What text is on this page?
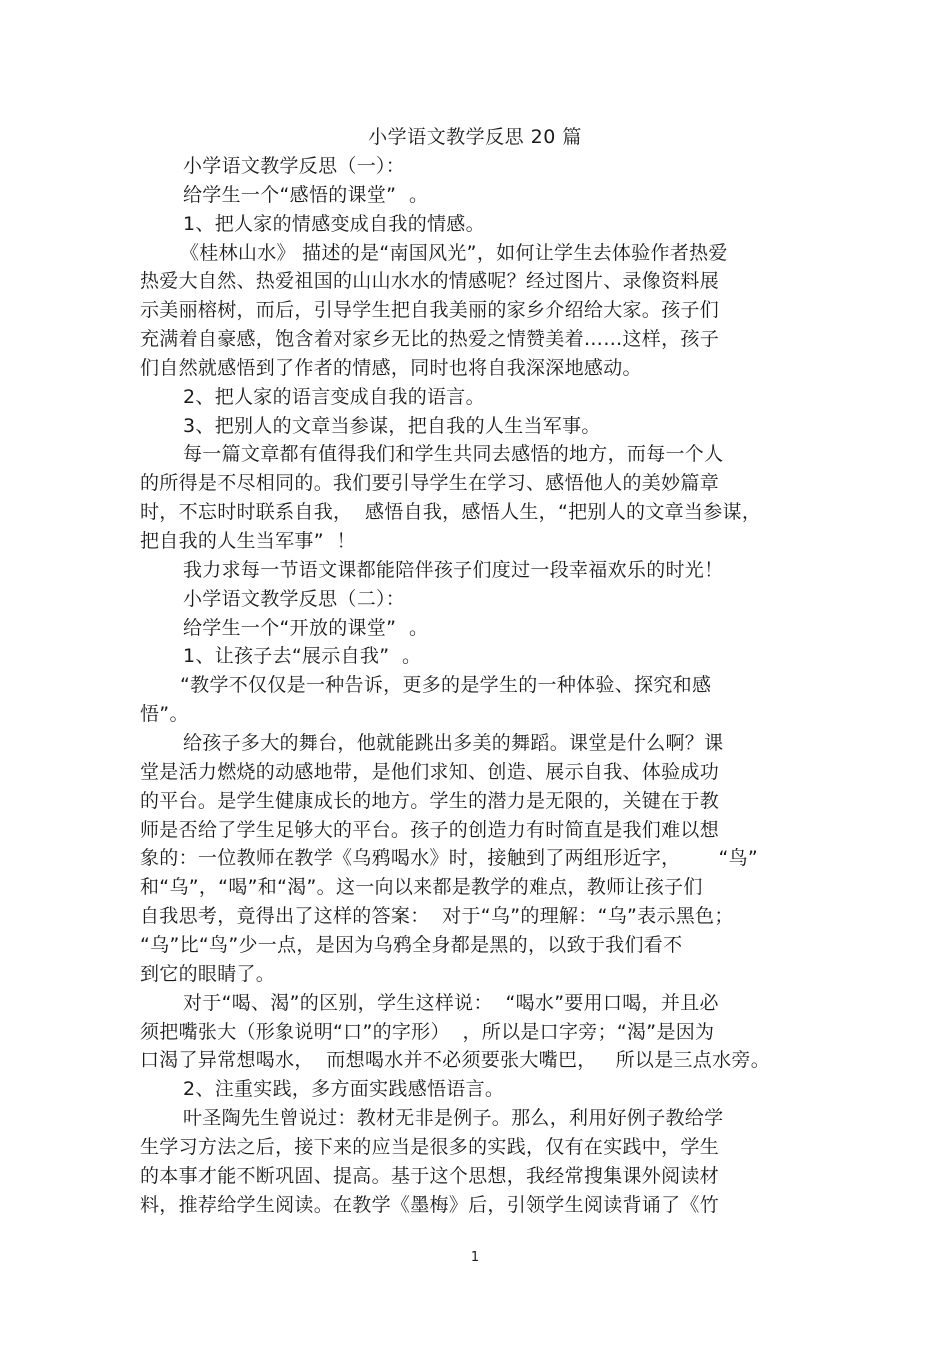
小学语文教学反思 20 篇
小学语文教学反思（一）：
给学生一个“感悟的课堂”  。
1、把人家的情感变成自我的情感。
《桂林山水》 描述的是“南国风光”，如何让学生去体验作者热爱
热爱大自然、热爱祖国的山山水水的情感呢？经过图片、录像资料展
示美丽榕树，而后，引导学生把自我美丽的家乡介绍给大家。孩子们
充满着自豪感，饱含着对家乡无比的热爱之情赞美着……这样，孩子
们自然就感悟到了作者的情感，同时也将自我深深地感动。
2、把人家的语言变成自我的语言。
3、把别人的文章当参谋，把自我的人生当军事。
每一篇文章都有值得我们和学生共同去感悟的地方，而每一个人
的所得是不尽相同的。我们要引导学生在学习、感悟他人的美妙篇章
时，不忘时时联系自我，  感悟自我，感悟人生，“把别人的文章当参谋，
把自我的人生当军事”  ！
我力求每一节语文课都能陪伴孩子们度过一段幸福欢乐的时光！
小学语文教学反思（二）：
给学生一个“开放的课堂”  。
1、让孩子去“展示自我”  。
“教学不仅仅是一种告诉，更多的是学生的一种体验、探究和感
悟”。
给孩子多大的舞台，他就能跳出多美的舞蹈。课堂是什么啊？课
堂是活力燃烧的动感地带，是他们求知、创造、展示自我、体验成功
的平台。是学生健康成长的地方。学生的潜力是无限的，关键在于教
师是否给了学生足够大的平台。孩子的创造力有时简直是我们难以想
象的：一位教师在教学《乌鸦喝水》时，接触到了两组形近字，      “鸟”
和“乌”，“喝”和“渴”。这一向以来都是教学的难点，教师让孩子们
自我思考，竟得出了这样的答案：  对于“乌”的理解：“乌”表示黑色；
“乌”比“鸟”少一点，是因为乌鸦全身都是黑的，以致于我们看不
到它的眼睛了。
对于“喝、渴”的区别，学生这样说：  “喝水”要用口喝，并且必
须把嘴张大（形象说明“口”的字形）  ，所以是口字旁；“渴”是因为
口渴了异常想喝水，  而想喝水并不必须要张大嘴巴，   所以是三点水旁。
2、注重实践，多方面实践感悟语言。
叶圣陶先生曾说过：教材无非是例子。那么，利用好例子教给学
生学习方法之后，接下来的应当是很多的实践，仅有在实践中，学生
的本事才能不断巩固、提高。基于这个思想，我经常搜集课外阅读材
料，推荐给学生阅读。在教学《墨梅》后，引领学生阅读背诵了《竹
1
